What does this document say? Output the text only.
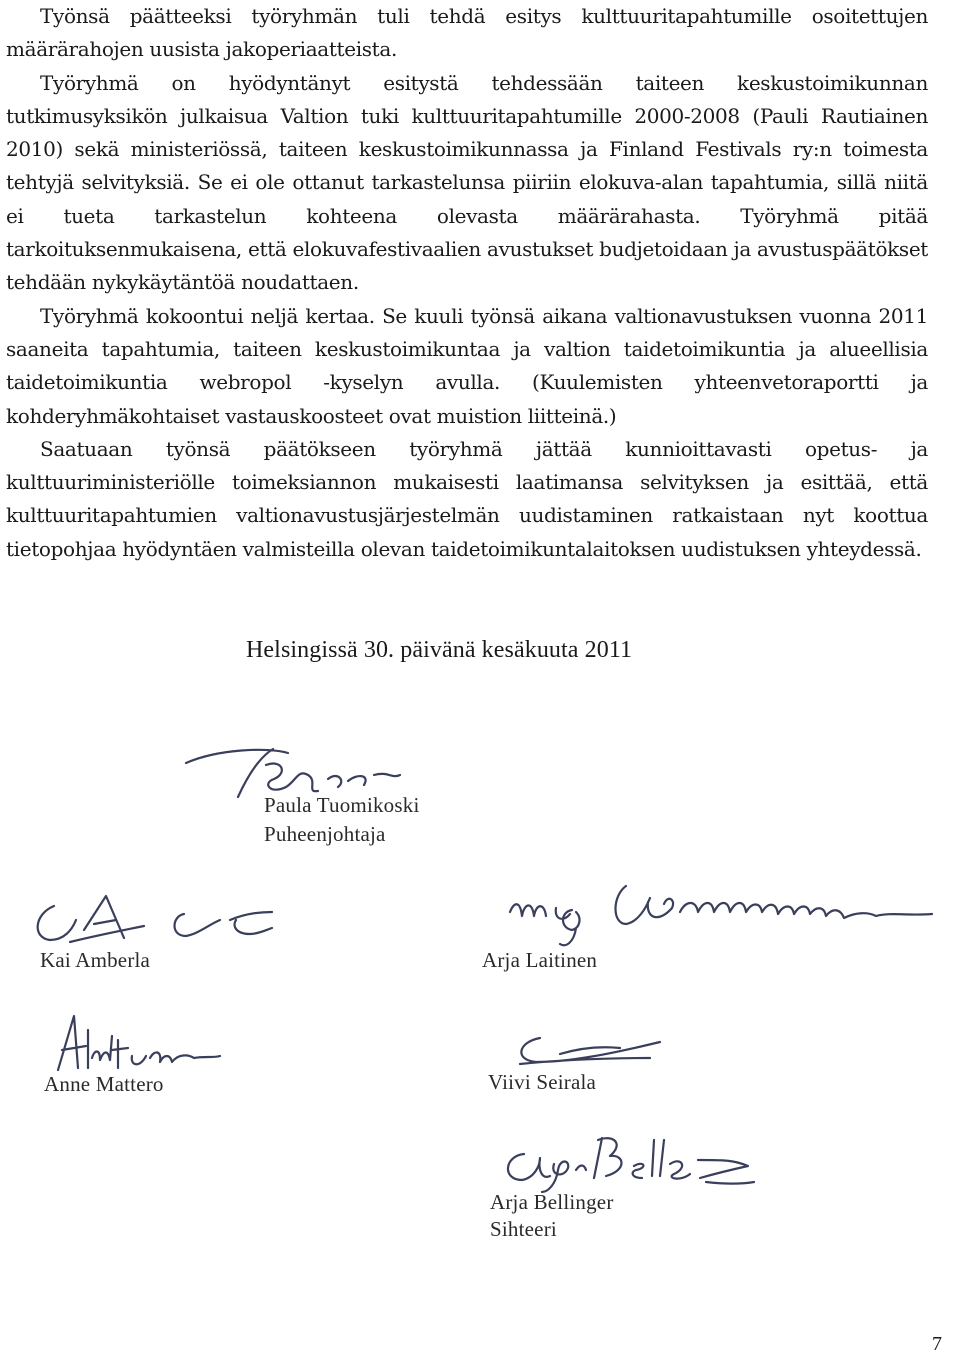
Työnsä päätteeksi työryhmän tuli tehdä esitys kulttuuritapahtumille osoitettujen määrärahojen uusista jakoperiaatteista.

Työryhmä on hyödyntänyt esitystä tehdessään taiteen keskustoimikunnan tutkimusyksikön julkaisua Valtion tuki kulttuuritapahtumille 2000-2008 (Pauli Rautiainen 2010) sekä ministeriössä, taiteen keskustoimikunnassa ja Finland Festivals ry:n toimesta tehtyjä selvityksiä. Se ei ole ottanut tarkastelunsa piiriin elokuva-alan tapahtumia, sillä niitä ei tueta tarkastelun kohteena olevasta määrärahasta. Työryhmä pitää tarkoituksenmukaisena, että elokuvafestivaalien avustukset budjetoidaan ja avustuspäätökset tehdään nykykäytäntöä noudattaen.

Työryhmä kokoontui neljä kertaa. Se kuuli työnsä aikana valtionavustuksen vuonna 2011 saaneita tapahtumia, taiteen keskustoimikuntaa ja valtion taidetoimikuntia ja alueellisia taidetoimikuntia webropol -kyselyn avulla. (Kuulemisten yhteenvetoraportti ja kohderyhmäkohtaiset vastauskoosteet ovat muistion liitteinä.)

Saatuaan työnsä päätökseen työryhmä jättää kunnioittavasti opetus- ja kulttuuriministeriölle toimeksiannon mukaisesti laatimansa selvityksen ja esittää, että kulttuuritapahtumien valtionavustusjärjestelmän uudistaminen ratkaistaan nyt koottua tietopohjaa hyödyntäen valmisteilla olevan taidetoimikuntalaitoksen uudistuksen yhteydessä.

Helsingissä 30. päivänä kesäkuuta 2011
Paula Tuomikoski
Puheenjohtaja
Kai Amberla	Arja Laitinen
Anne Mattero	Viivi Seirala
Arja Bellinger
Sihteeri
7
